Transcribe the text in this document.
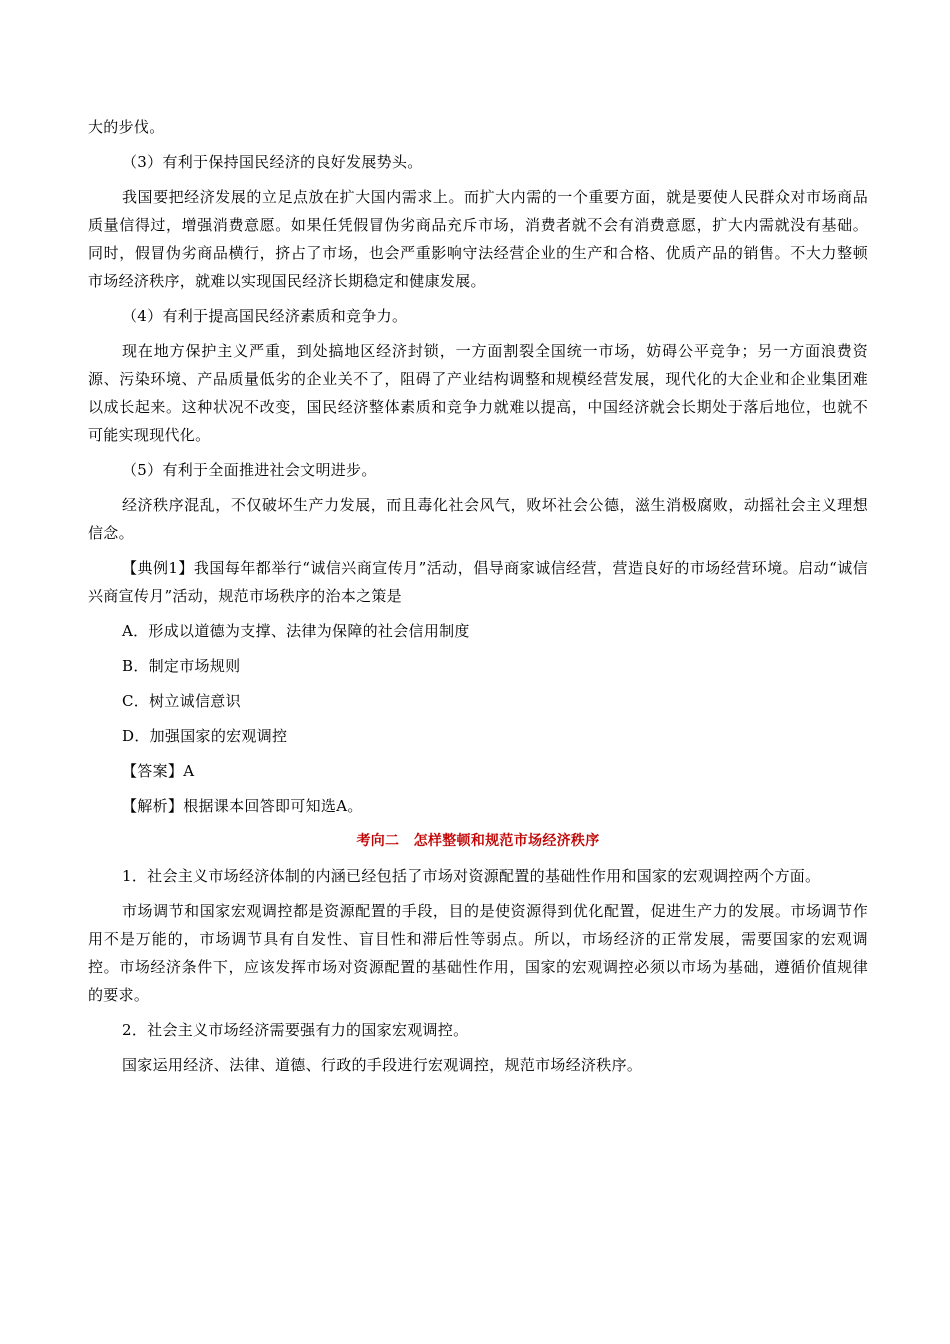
大的步伐。

（3）有利于保持国民经济的良好发展势头。

我国要把经济发展的立足点放在扩大国内需求上。而扩大内需的一个重要方面，就是要使人民群众对市场商品质量信得过，增强消费意愿。如果任凭假冒伪劣商品充斥市场，消费者就不会有消费意愿，扩大内需就没有基础。同时，假冒伪劣商品横行，挤占了市场，也会严重影响守法经营企业的生产和合格、优质产品的销售。不大力整顿市场经济秩序，就难以实现国民经济长期稳定和健康发展。

（4）有利于提高国民经济素质和竞争力。

现在地方保护主义严重，到处搞地区经济封锁，一方面割裂全国统一市场，妨碍公平竞争；另一方面浪费资源、污染环境、产品质量低劣的企业关不了，阻碍了产业结构调整和规模经营发展，现代化的大企业和企业集团难以成长起来。这种状况不改变，国民经济整体素质和竞争力就难以提高，中国经济就会长期处于落后地位，也就不可能实现现代化。

（5）有利于全面推进社会文明进步。

经济秩序混乱，不仅破坏生产力发展，而且毒化社会风气，败坏社会公德，滋生消极腐败，动摇社会主义理想信念。

【典例1】我国每年都举行“诚信兴商宣传月”活动，倡导商家诚信经营，营造良好的市场经营环境。启动“诚信兴商宣传月”活动，规范市场秩序的治本之策是

A．形成以道德为支撑、法律为保障的社会信用制度

B．制定市场规则

C．树立诚信意识

D．加强国家的宏观调控

【答案】A

【解析】根据课本回答即可知选A。

考向二　怎样整顿和规范市场经济秩序

1．社会主义市场经济体制的内涵已经包括了市场对资源配置的基础性作用和国家的宏观调控两个方面。

市场调节和国家宏观调控都是资源配置的手段，目的是使资源得到优化配置，促进生产力的发展。市场调节作用不是万能的，市场调节具有自发性、盲目性和滞后性等弱点。所以，市场经济的正常发展，需要国家的宏观调控。市场经济条件下，应该发挥市场对资源配置的基础性作用，国家的宏观调控必须以市场为基础，遵循价值规律的要求。

2．社会主义市场经济需要强有力的国家宏观调控。

国家运用经济、法律、道德、行政的手段进行宏观调控，规范市场经济秩序。
